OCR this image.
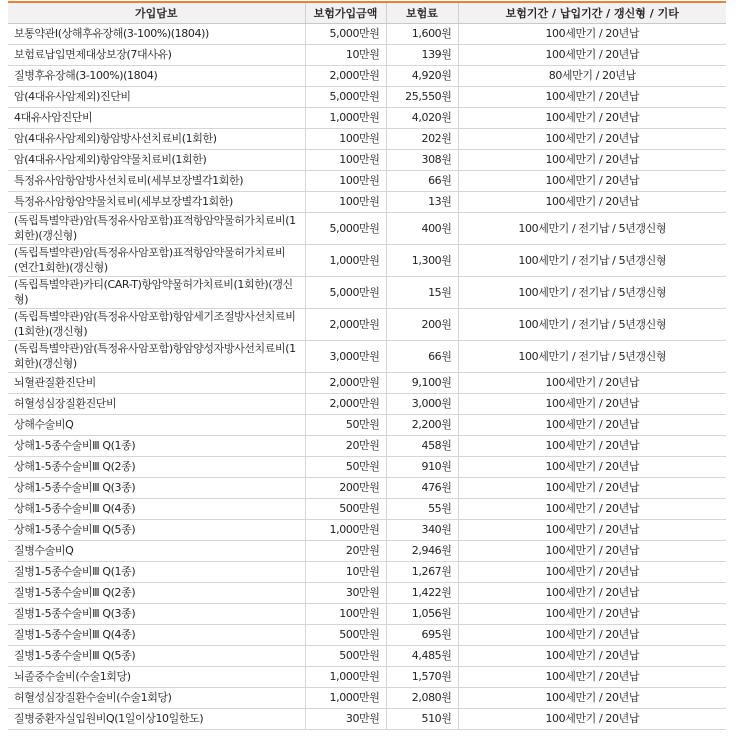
가입담보	보험가입금액	보험료	보험기간 / 납입기간 / 갱신형 / 기타
보통약관Ⅰ(상해후유장해(3-100%)(1804))	5,000만원	1,600원	100세만기 / 20년납
보험료납입면제대상보장(7대사유)	10만원	139원	100세만기 / 20년납
질병후유장해(3-100%)(1804)	2,000만원	4,920원	80세만기 / 20년납
암(4대유사암제외)진단비	5,000만원	25,550원	100세만기 / 20년납
4대유사암진단비	1,000만원	4,020원	100세만기 / 20년납
암(4대유사암제외)항암방사선치료비(1회한)	100만원	202원	100세만기 / 20년납
암(4대유사암제외)항암약물치료비(1회한)	100만원	308원	100세만기 / 20년납
특정유사암항암방사선치료비(세부보장별각1회한)	100만원	66원	100세만기 / 20년납
특정유사암항암약물치료비(세부보장별각1회한)	100만원	13원	100세만기 / 20년납
(독립특별약관)암(특정유사암포함)표적항암약물허가치료비(1회한)(갱신형)	5,000만원	400원	100세만기 / 전기납 / 5년갱신형
(독립특별약관)암(특정유사암포함)표적항암약물허가치료비(연간1회한)(갱신형)	1,000만원	1,300원	100세만기 / 전기납 / 5년갱신형
(독립특별약관)카티(CAR-T)항암약물허가치료비(1회한)(갱신형)	5,000만원	15원	100세만기 / 전기납 / 5년갱신형
(독립특별약관)암(특정유사암포함)항암세기조절방사선치료비(1회한)(갱신형)	2,000만원	200원	100세만기 / 전기납 / 5년갱신형
(독립특별약관)암(특정유사암포함)항암양성자방사선치료비(1회한)(갱신형)	3,000만원	66원	100세만기 / 전기납 / 5년갱신형
뇌혈관질환진단비	2,000만원	9,100원	100세만기 / 20년납
허혈성심장질환진단비	2,000만원	3,000원	100세만기 / 20년납
상해수술비Q	50만원	2,200원	100세만기 / 20년납
상해1-5종수술비Ⅲ Q(1종)	20만원	458원	100세만기 / 20년납
상해1-5종수술비Ⅲ Q(2종)	50만원	910원	100세만기 / 20년납
상해1-5종수술비Ⅲ Q(3종)	200만원	476원	100세만기 / 20년납
상해1-5종수술비Ⅲ Q(4종)	500만원	55원	100세만기 / 20년납
상해1-5종수술비Ⅲ Q(5종)	1,000만원	340원	100세만기 / 20년납
질병수술비Q	20만원	2,946원	100세만기 / 20년납
질병1-5종수술비Ⅲ Q(1종)	10만원	1,267원	100세만기 / 20년납
질병1-5종수술비Ⅲ Q(2종)	30만원	1,422원	100세만기 / 20년납
질병1-5종수술비Ⅲ Q(3종)	100만원	1,056원	100세만기 / 20년납
질병1-5종수술비Ⅲ Q(4종)	500만원	695원	100세만기 / 20년납
질병1-5종수술비Ⅲ Q(5종)	500만원	4,485원	100세만기 / 20년납
뇌졸중수술비(수술1회당)	1,000만원	1,570원	100세만기 / 20년납
허혈성심장질환수술비(수술1회당)	1,000만원	2,080원	100세만기 / 20년납
질병중환자실입원비Q(1일이상10일한도)	30만원	510원	100세만기 / 20년납
